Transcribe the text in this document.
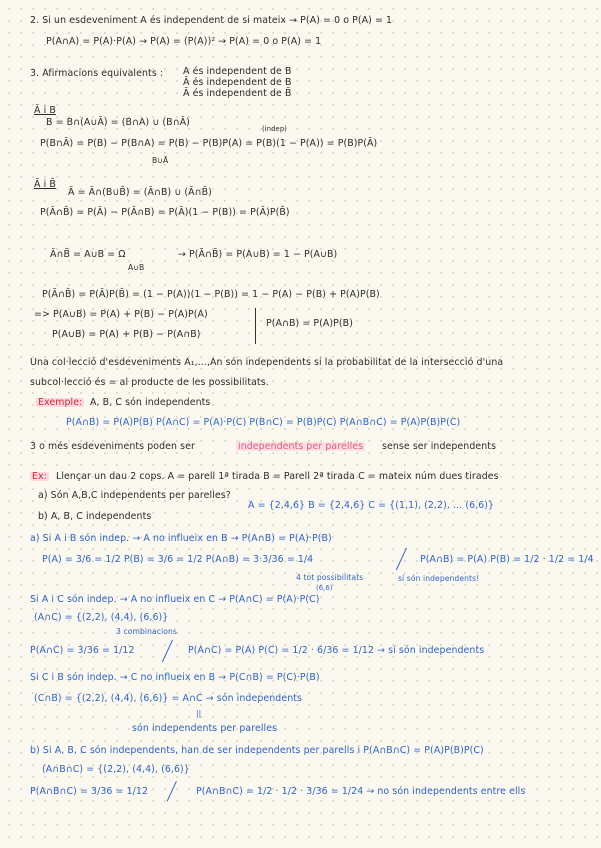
2. Si un esdeveniment A és independent de si mateix → P(A) = 0 o P(A) = 1
P(A∩A) = P(A)·P(A) → P(A) = (P(A))² → P(A) = 0 o P(A) = 1
3. Afirmacions equivalents : A és independent de B
Ā és independent de B
Ā és independent de B̄
Ā i B
B = B∩(A∪Ā) = (B∩A) ∪ (B∩Ā)
(indep)
P(B∩Ā) = P(B) − P(B∩A) = P(B) − P(B)P(A) = P(B)(1 − P(A)) = P(B)P(Ā)
B∪Ā
Ā i B̄
Ā = Ā∩(B∪B̄) = (Ā∩B) ∪ (Ā∩B̄)
P(Ā∩B̄) = P(Ā) − P(Ā∩B) = P(Ā)(1 − P(B)) = P(Ā)P(B̄)
Ā∩B̄ = A∪B = Ω
A∪B
→ P(Ā∩B̄) = P(A∪B) = 1 − P(A∪B)
P(Ā∩B̄) = P(Ā)P(B̄) = (1 − P(A))(1 − P(B)) = 1 − P(A) − P(B) + P(A)P(B)
=> P(A∪B) = P(A) + P(B) − P(A)P(A)
P(A∪B) = P(A) + P(B) − P(A∩B)
P(A∩B) = P(A)P(B)
Una col·lecció d'esdeveniments A₁,...,An són independents si la probabilitat de la intersecció d'una
subcol·lecció és = al producte de les possibilitats.
Exemple: A, B, C són independents
P(A∩B) = P(A)P(B) P(A∩C) = P(A)·P(C) P(B∩C) = P(B)P(C) P(A∩B∩C) = P(A)P(B)P(C)
3 o més esdeveniments poden ser	independents per parelles sense ser independents
Ex: Llençar un dau 2 cops. A = parell 1ª tirada B = Parell 2ª tirada C = mateix núm dues tirades
a) Són A,B,C independents per parelles?
A = {2,4,6} B = {2,4,6} C = {(1,1), (2,2), ... (6,6)}
b) A, B, C independents
a) Si A i B són indep. → A no influeix en B → P(A∩B) = P(A)·P(B)
P(A) = 3/6 = 1/2 P(B) = 3/6 = 1/2 P(A∩B) = 3·3/36 = 1/4	P(A∩B) = P(A) P(B) = 1/2 · 1/2 = 1/4
4 tot possibilitats	sí són independents!
(6,6)
Si A i C són indep. → A no influeix en C → P(A∩C) = P(A)·P(C)
(A∩C) = {(2,2), (4,4), (6,6)}
3 combinacions
P(A∩C) = 3/36 = 1/12	P(A∩C) = P(A) P(C) = 1/2 · 6/36 = 1/12 → sí són independents
Si C i B són indep. → C no influeix en B → P(C∩B) = P(C)·P(B)
(C∩B) = {(2,2), (4,4), (6,6)} = A∩C → són independents
||
són independents per parelles
b) Si A, B, C són independents, han de ser independents per parells i P(A∩B∩C) = P(A)P(B)P(C)
(A∩B∩C) = {(2,2), (4,4), (6,6)}
P(A∩B∩C) = 3/36 = 1/12	P(A∩B∩C) = 1/2 · 1/2 · 3/36 = 1/24 → no són independents entre ells
